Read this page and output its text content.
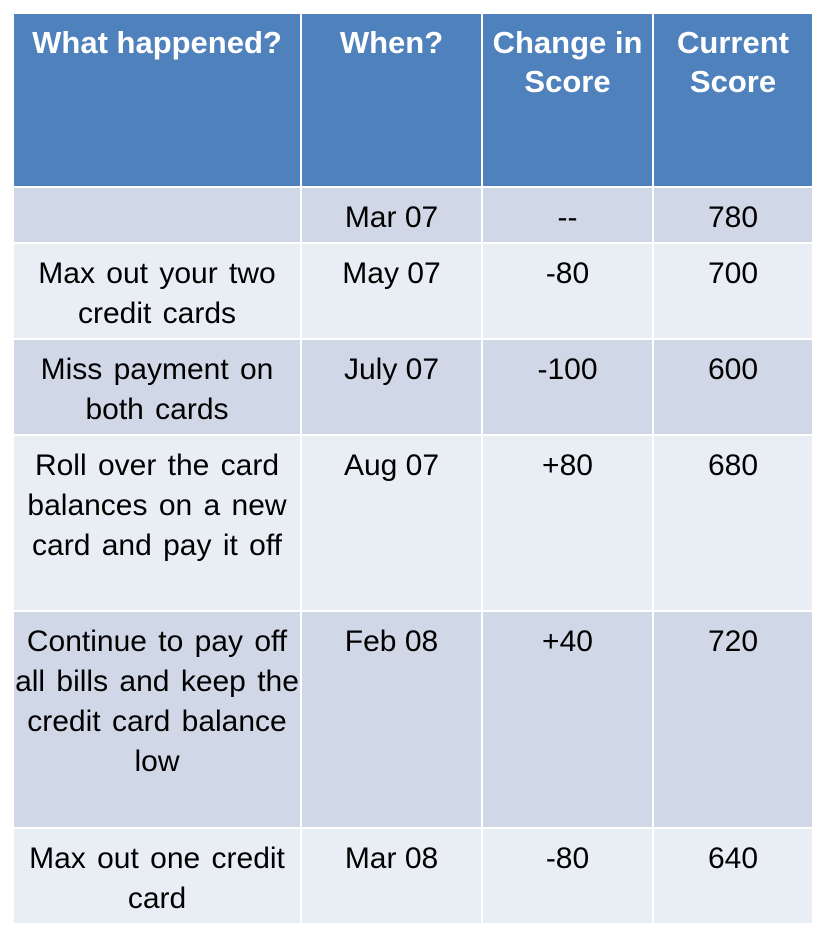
What happened?	When?	Change in Score	Current Score
	Mar 07	--	780
Max out your two credit cards	May 07	-80	700
Miss payment on both cards	July 07	-100	600
Roll over the card balances on a new card and pay it off	Aug 07	+80	680
Continue to pay off all bills and keep the credit card balance low	Feb 08	+40	720
Max out one credit card	Mar 08	-80	640
